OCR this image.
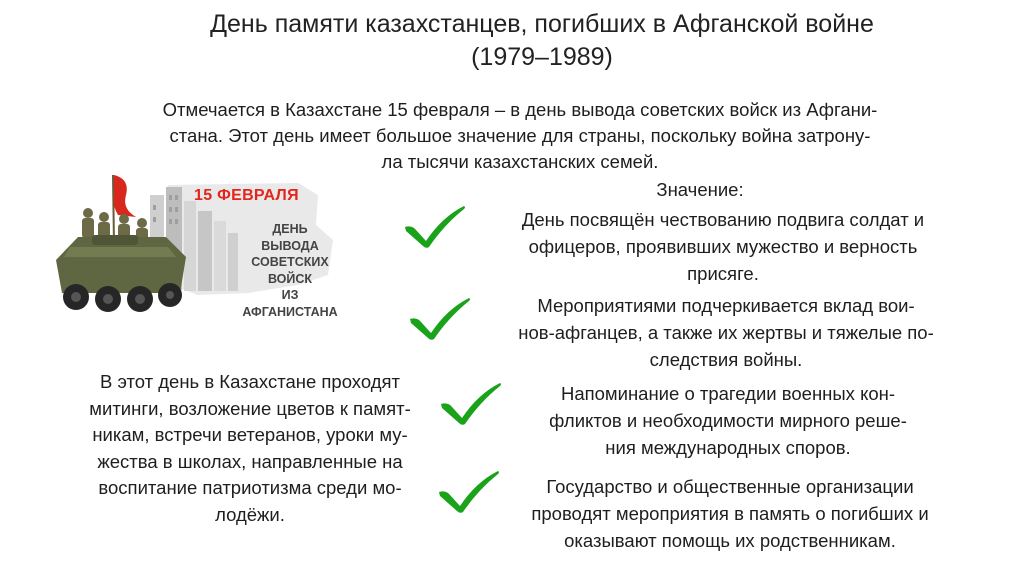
День памяти казахстанцев, погибших в Афганской войне
(1979–1989)
Отмечается в Казахстане 15 февраля – в день вывода советских войск из Афгани-
стана. Этот день имеет большое значение для страны, поскольку война затрону-
ла тысячи казахстанских семей.
15 ФЕВРАЛЯ
ДЕНЬ
ВЫВОДА
СОВЕТСКИХ ВОЙСК
ИЗ АФГАНИСТАНА
В этот день в Казахстане проходят
митинги, возложение цветов к памят-
никам, встречи ветеранов, уроки му-
жества в школах, направленные на
воспитание патриотизма среди мо-
лодёжи.
Значение:
День посвящён чествованию подвига солдат и
офицеров, проявивших мужество и верность
присяге.
Мероприятиями подчеркивается вклад вои-
нов-афганцев, а также их жертвы и тяжелые по-
следствия войны.
Напоминание о трагедии военных кон-
фликтов и необходимости мирного реше-
ния международных споров.
Государство и общественные организации
проводят мероприятия в память о погибших и
оказывают помощь их родственникам.
